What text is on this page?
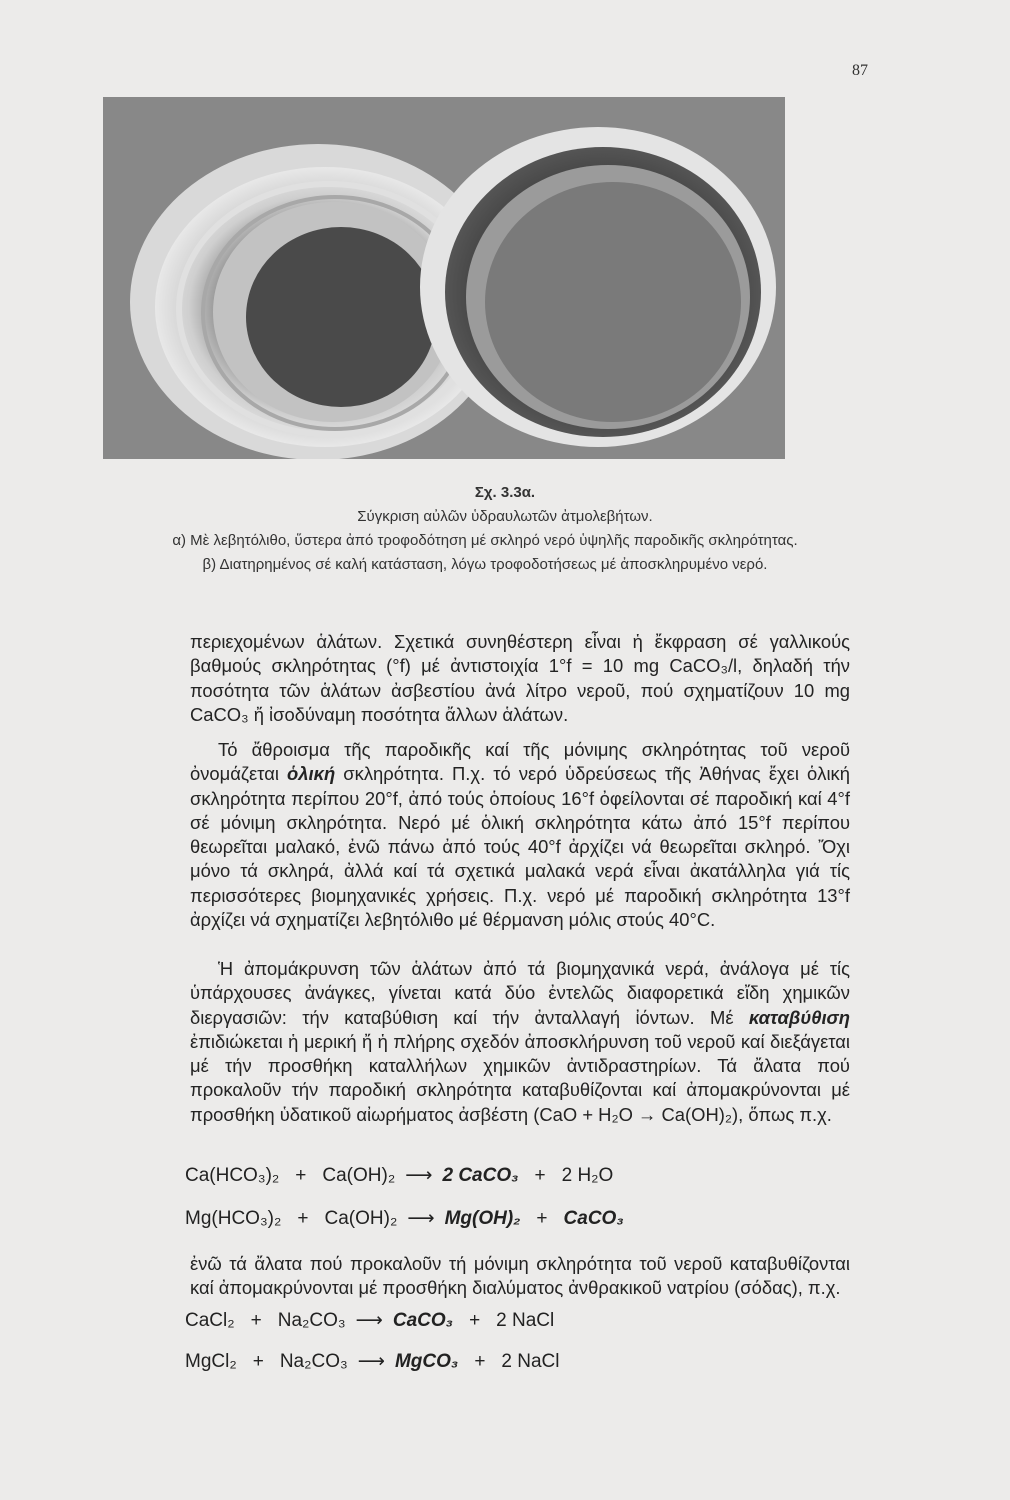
87
Σχ. 3.3α.
Σύγκριση αὐλῶν ὑδραυλωτῶν ἀτμολεβήτων.
α) Μὲ λεβητόλιθο, ὕστερα ἀπό τροφοδότηση μέ σκληρό νερό ὑψηλῆς παροδικῆς σκληρότητας.
β) Διατηρημένος σέ καλή κατάσταση, λόγω τροφοδοτήσεως μέ ἀποσκληρυμένο νερό.

περιεχομένων ἁλάτων. Σχετικά συνηθέστερη εἶναι ἡ ἔκφραση σέ γαλλικούς βαθμούς σκληρότητας (°f) μέ ἀντιστοιχία 1°f = 10 mg CaCO₃/l, δηλαδή τήν ποσότητα τῶν ἁλάτων ἀσβεστίου ἀνά λίτρο νεροῦ, πού σχηματίζουν 10 mg CaCO₃ ἤ ἰσοδύναμη ποσότητα ἄλλων ἁλάτων.

Τό ἄθροισμα τῆς παροδικῆς καί τῆς μόνιμης σκληρότητας τοῦ νεροῦ ὀνομάζεται ὁλική σκληρότητα. Π.χ. τό νερό ὑδρεύσεως τῆς Ἀθήνας ἔχει ὁλική σκληρότητα περίπου 20°f, ἀπό τούς ὁποίους 16°f ὀφείλονται σέ παροδική καί 4°f σέ μόνιμη σκληρότητα. Νερό μέ ὁλική σκληρότητα κάτω ἀπό 15°f περίπου θεωρεῖται μαλακό, ἐνῶ πάνω ἀπό τούς 40°f ἀρχίζει νά θεωρεῖται σκληρό. Ὄχι μόνο τά σκληρά, ἀλλά καί τά σχετικά μαλακά νερά εἶναι ἀκατάλληλα γιά τίς περισσότερες βιομηχανικές χρήσεις. Π.χ. νερό μέ παροδική σκληρότητα 13°f ἀρχίζει νά σχηματίζει λεβητόλιθο μέ θέρμανση μόλις στούς 40°C.

Ἡ ἀπομάκρυνση τῶν ἁλάτων ἀπό τά βιομηχανικά νερά, ἀνάλογα μέ τίς ὑπάρχουσες ἀνάγκες, γίνεται κατά δύο ἐντελῶς διαφορετικά εἴδη χημικῶν διεργασιῶν: τήν καταβύθιση καί τήν ἀνταλλαγή ἰόντων. Μέ καταβύθιση ἐπιδιώκεται ἡ μερική ἤ ἡ πλήρης σχεδόν ἀποσκλήρυνση τοῦ νεροῦ καί διεξάγεται μέ τήν προσθήκη καταλλήλων χημικῶν ἀντιδραστηρίων. Τά ἄλατα πού προκαλοῦν τήν παροδική σκληρότητα καταβυθίζονται καί ἀπομακρύνονται μέ προσθήκη ὑδατικοῦ αἰωρήματος ἀσβέστη (CaO + H₂O → Ca(OH)₂), ὅπως π.χ.

Ca(HCO₃)₂ + Ca(OH)₂ ⟶ 2 CaCO₃ + 2 H₂O
Mg(HCO₃)₂ + Ca(OH)₂ ⟶ Mg(OH)₂ + CaCO₃

ἐνῶ τά ἄλατα πού προκαλοῦν τή μόνιμη σκληρότητα τοῦ νεροῦ καταβυθίζονται καί ἀπομακρύνονται μέ προσθήκη διαλύματος ἀνθρακικοῦ νατρίου (σόδας), π.χ.

CaCl₂ + Na₂CO₃ ⟶ CaCO₃ + 2 NaCl
MgCl₂ + Na₂CO₃ ⟶ MgCO₃ + 2 NaCl
